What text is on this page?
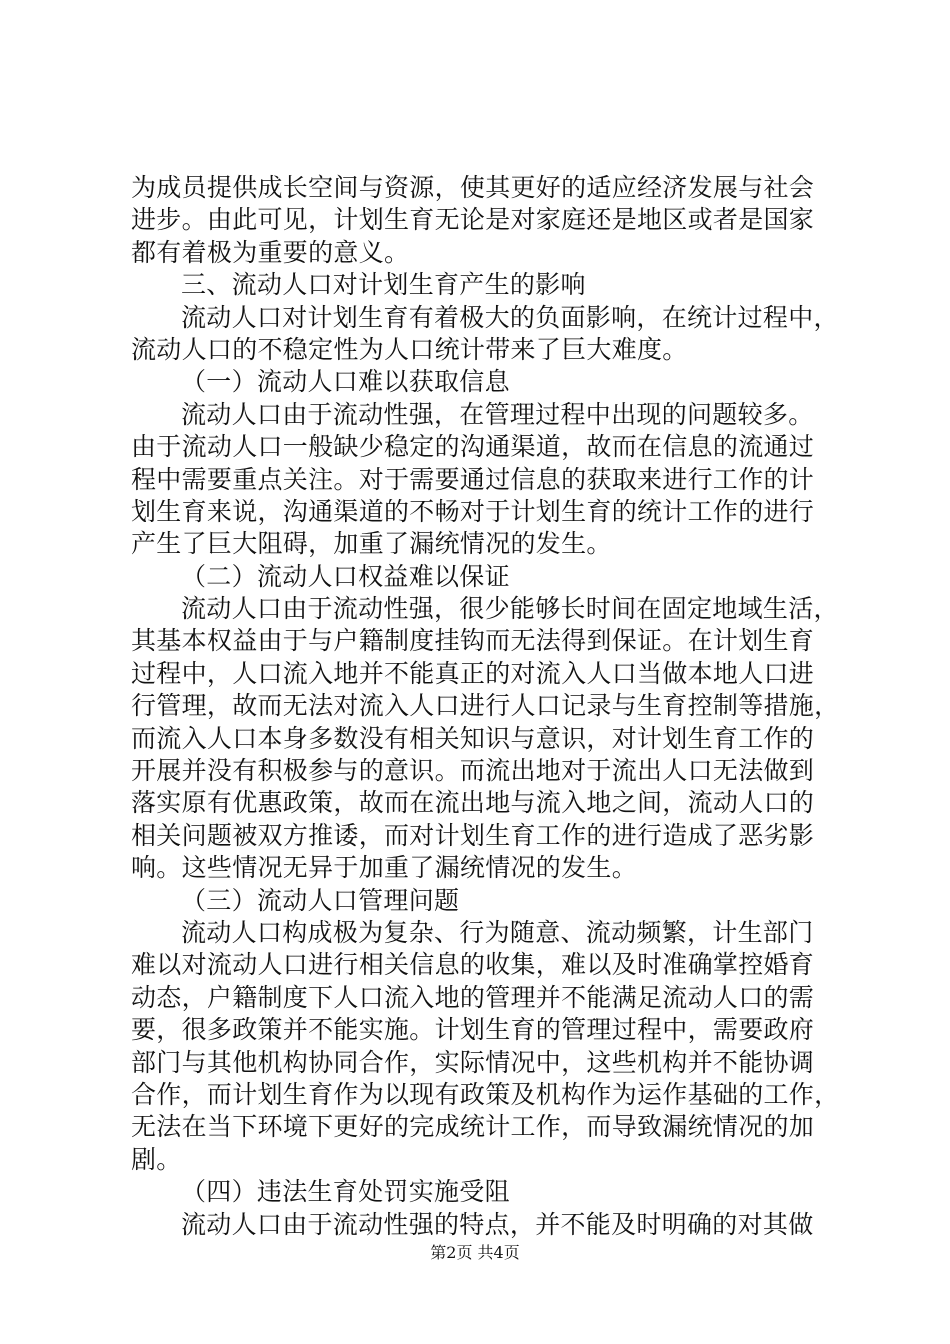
为成员提供成长空间与资源，使其更好的适应经济发展与社会
进步。由此可见，计划生育无论是对家庭还是地区或者是国家
都有着极为重要的意义。
三、流动人口对计划生育产生的影响
流动人口对计划生育有着极大的负面影响，在统计过程中，
流动人口的不稳定性为人口统计带来了巨大难度。
（一）流动人口难以获取信息
流动人口由于流动性强，在管理过程中出现的问题较多。
由于流动人口一般缺少稳定的沟通渠道，故而在信息的流通过
程中需要重点关注。对于需要通过信息的获取来进行工作的计
划生育来说，沟通渠道的不畅对于计划生育的统计工作的进行
产生了巨大阻碍，加重了漏统情况的发生。
（二）流动人口权益难以保证
流动人口由于流动性强，很少能够长时间在固定地域生活，
其基本权益由于与户籍制度挂钩而无法得到保证。在计划生育
过程中，人口流入地并不能真正的对流入人口当做本地人口进
行管理，故而无法对流入人口进行人口记录与生育控制等措施，
而流入人口本身多数没有相关知识与意识，对计划生育工作的
开展并没有积极参与的意识。而流出地对于流出人口无法做到
落实原有优惠政策，故而在流出地与流入地之间，流动人口的
相关问题被双方推诿，而对计划生育工作的进行造成了恶劣影
响。这些情况无异于加重了漏统情况的发生。
（三）流动人口管理问题
流动人口构成极为复杂、行为随意、流动频繁，计生部门
难以对流动人口进行相关信息的收集，难以及时准确掌控婚育
动态，户籍制度下人口流入地的管理并不能满足流动人口的需
要，很多政策并不能实施。计划生育的管理过程中，需要政府
部门与其他机构协同合作，实际情况中，这些机构并不能协调
合作，而计划生育作为以现有政策及机构作为运作基础的工作，
无法在当下环境下更好的完成统计工作，而导致漏统情况的加
剧。
（四）违法生育处罚实施受阻
流动人口由于流动性强的特点，并不能及时明确的对其做
第2页 共4页
